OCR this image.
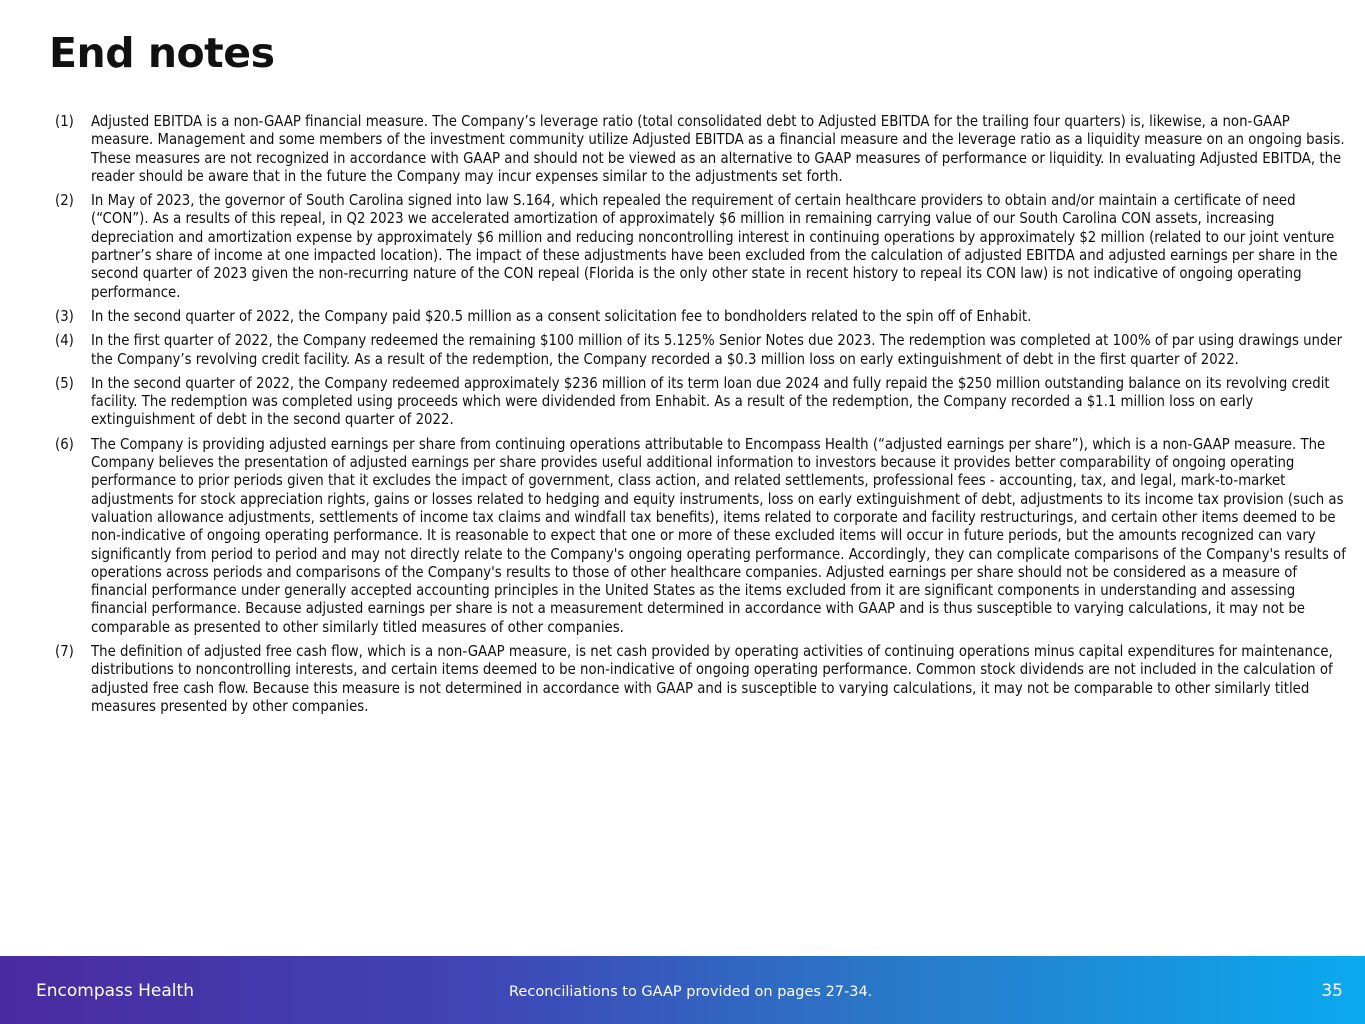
End notes
(1)	Adjusted EBITDA is a non-GAAP financial measure. The Company’s leverage ratio (total consolidated debt to Adjusted EBITDA for the trailing four quarters) is, likewise, a non-GAAP measure. Management and some members of the investment community utilize Adjusted EBITDA as a financial measure and the leverage ratio as a liquidity measure on an ongoing basis. These measures are not recognized in accordance with GAAP and should not be viewed as an alternative to GAAP measures of performance or liquidity. In evaluating Adjusted EBITDA, the reader should be aware that in the future the Company may incur expenses similar to the adjustments set forth.
(2)	In May of 2023, the governor of South Carolina signed into law S.164, which repealed the requirement of certain healthcare providers to obtain and/or maintain a certificate of need (“CON”). As a results of this repeal, in Q2 2023 we accelerated amortization of approximately $6 million in remaining carrying value of our South Carolina CON assets, increasing depreciation and amortization expense by approximately $6 million and reducing noncontrolling interest in continuing operations by approximately $2 million (related to our joint venture partner’s share of income at one impacted location). The impact of these adjustments have been excluded from the calculation of adjusted EBITDA and adjusted earnings per share in the second quarter of 2023 given the non-recurring nature of the CON repeal (Florida is the only other state in recent history to repeal its CON law) is not indicative of ongoing operating performance.
(3)	In the second quarter of 2022, the Company paid $20.5 million as a consent solicitation fee to bondholders related to the spin off of Enhabit.
(4)	In the first quarter of 2022, the Company redeemed the remaining $100 million of its 5.125% Senior Notes due 2023. The redemption was completed at 100% of par using drawings under the Company’s revolving credit facility. As a result of the redemption, the Company recorded a $0.3 million loss on early extinguishment of debt in the first quarter of 2022.
(5)	In the second quarter of 2022, the Company redeemed approximately $236 million of its term loan due 2024 and fully repaid the $250 million outstanding balance on its revolving credit facility. The redemption was completed using proceeds which were dividended from Enhabit. As a result of the redemption, the Company recorded a $1.1 million loss on early extinguishment of debt in the second quarter of 2022.
(6)	The Company is providing adjusted earnings per share from continuing operations attributable to Encompass Health (“adjusted earnings per share”), which is a non-GAAP measure. The Company believes the presentation of adjusted earnings per share provides useful additional information to investors because it provides better comparability of ongoing operating performance to prior periods given that it excludes the impact of government, class action, and related settlements, professional fees - accounting, tax, and legal, mark-to-market adjustments for stock appreciation rights, gains or losses related to hedging and equity instruments, loss on early extinguishment of debt, adjustments to its income tax provision (such as valuation allowance adjustments, settlements of income tax claims and windfall tax benefits), items related to corporate and facility restructurings, and certain other items deemed to be non-indicative of ongoing operating performance. It is reasonable to expect that one or more of these excluded items will occur in future periods, but the amounts recognized can vary significantly from period to period and may not directly relate to the Company's ongoing operating performance. Accordingly, they can complicate comparisons of the Company's results of operations across periods and comparisons of the Company's results to those of other healthcare companies. Adjusted earnings per share should not be considered as a measure of financial performance under generally accepted accounting principles in the United States as the items excluded from it are significant components in understanding and assessing financial performance. Because adjusted earnings per share is not a measurement determined in accordance with GAAP and is thus susceptible to varying calculations, it may not be comparable as presented to other similarly titled measures of other companies.
(7)	The definition of adjusted free cash flow, which is a non-GAAP measure, is net cash provided by operating activities of continuing operations minus capital expenditures for maintenance, distributions to noncontrolling interests, and certain items deemed to be non-indicative of ongoing operating performance. Common stock dividends are not included in the calculation of adjusted free cash flow. Because this measure is not determined in accordance with GAAP and is susceptible to varying calculations, it may not be comparable to other similarly titled measures presented by other companies.
Encompass Health	Reconciliations to GAAP provided on pages 27-34.	35
